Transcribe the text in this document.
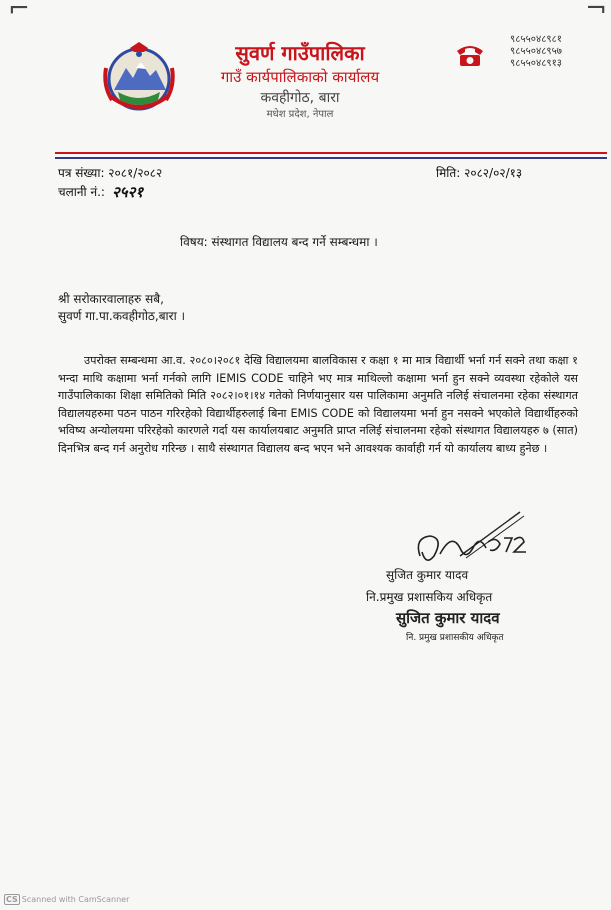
⌐	¬
सुवर्ण गाउँपालिका
गाउँ कार्यपालिकाको कार्यालय
कवहीगोठ, बारा
मधेश प्रदेश, नेपाल
९८५५०४८९८१
९८५५०४८९५७
९८५५०४८९१३
पत्र संख्या: २०८१/२०८२	मिति: २०८२/०२/१३
चलानी नं.: २५२१
विषय: संस्थागत विद्यालय बन्द गर्ने सम्बन्धमा ।
श्री सरोकारवालाहरु सबै,
सुवर्ण गा.पा.कवहीगोठ,बारा ।

उपरोक्त सम्बन्धमा आ.व. २०८०।२०८१ देखि विद्यालयमा बालविकास र कक्षा १ मा मात्र विद्यार्थी भर्ना गर्न सक्ने तथा कक्षा १ भन्दा माथि कक्षामा भर्ना गर्नको लागि IEMIS CODE चाहिने भए मात्र माथिल्लो कक्षामा भर्ना हुन सक्ने व्यवस्था रहेकोले यस गाउँपालिकाका शिक्षा समितिको मिति २०८२।०१।१४ गतेको निर्णयानुसार यस पालिकामा अनुमति नलिई संचालनमा रहेका संस्थागत विद्यालयहरुमा पठन पाठन गरिरहेको विद्यार्थीहरुलाई बिना EMIS CODE को विद्यालयमा भर्ना हुन नसक्ने भएकोले विद्यार्थीहरुको भविष्य अन्योलयमा परिरहेको कारणले गर्दा यस कार्यालयबाट अनुमति प्राप्त नलिई संचालनमा रहेको संस्थागत विद्यालयहरु ७ (सात) दिनभित्र बन्द गर्न अनुरोध गरिन्छ । साथै संस्थागत विद्यालय बन्द भएन भने आवश्यक कार्वाही गर्न यो कार्यालय बाध्य हुनेछ ।

सुजित कुमार यादव
नि.प्रमुख प्रशासकिय अधिकृत
सुजित कुमार यादव
नि. प्रमुख प्रशासकीय अधिकृत
CS Scanned with CamScanner
